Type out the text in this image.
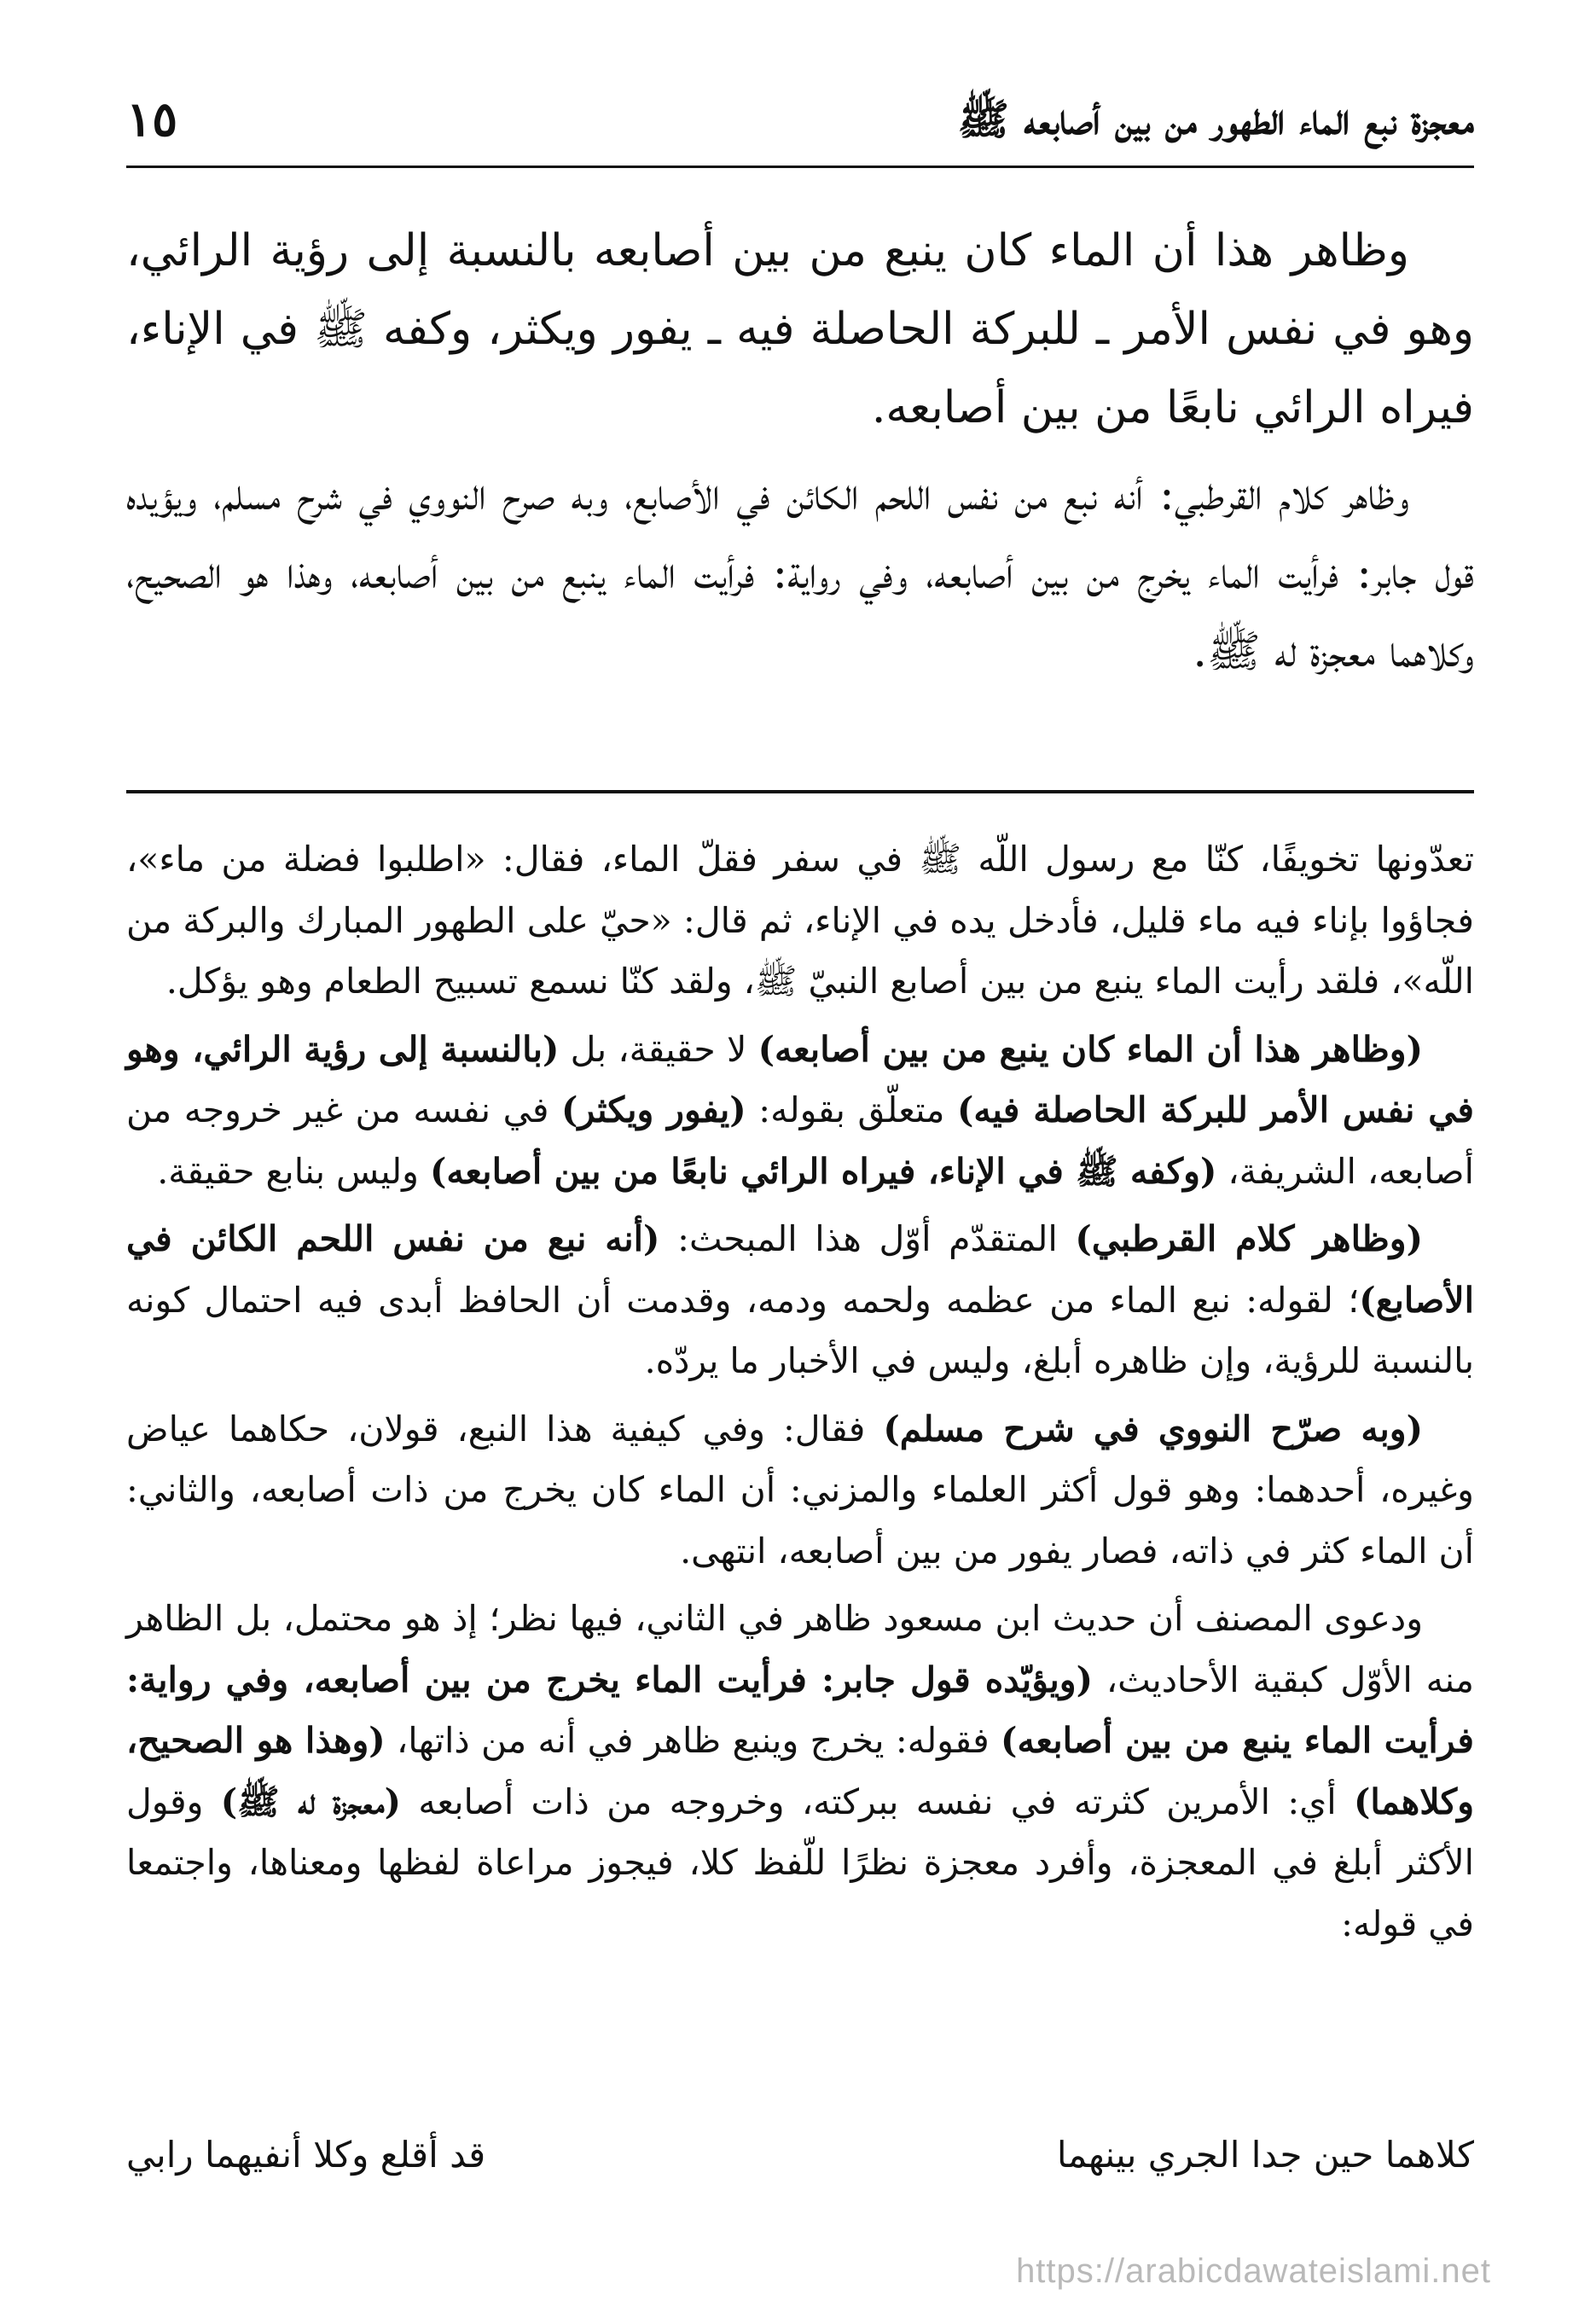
معجزة نبع الماء الطهور من بين أصابعه ﷺ
١٥

وظاهر هذا أن الماء كان ينبع من بين أصابعه بالنسبة إلى رؤية الرائي، وهو في نفس الأمر ـ للبركة الحاصلة فيه ـ يفور ويكثر، وكفه ﷺ في الإناء، فيراه الرائي نابعًا من بين أصابعه.

وظاهر كلام القرطبي: أنه نبع من نفس اللحم الكائن في الأصابع، وبه صرح النووي في شرح مسلم، ويؤيده قول جابر: فرأيت الماء يخرج من بين أصابعه، وفي رواية: فرأيت الماء ينبع من بين أصابعه، وهذا هو الصحيح، وكلاهما معجزة له ﷺ.

تعدّونها تخويفًا، كنّا مع رسول اللّه ﷺ في سفر فقلّ الماء، فقال: «اطلبوا فضلة من ماء»، فجاؤوا بإناء فيه ماء قليل، فأدخل يده في الإناء، ثم قال: «حيّ على الطهور المبارك والبركة من اللّه»، فلقد رأيت الماء ينبع من بين أصابع النبيّ ﷺ، ولقد كنّا نسمع تسبيح الطعام وهو يؤكل.

(وظاهر هذا أن الماء كان ينبع من بين أصابعه) لا حقيقة، بل (بالنسبة إلى رؤية الرائي، وهو في نفس الأمر للبركة الحاصلة فيه) متعلّق بقوله: (يفور ويكثر) في نفسه من غير خروجه من أصابعه، الشريفة، (وكفه ﷺ في الإناء، فيراه الرائي نابعًا من بين أصابعه) وليس بنابع حقيقة.

(وظاهر كلام القرطبي) المتقدّم أوّل هذا المبحث: (أنه نبع من نفس اللحم الكائن في الأصابع)؛ لقوله: نبع الماء من عظمه ولحمه ودمه، وقدمت أن الحافظ أبدى فيه احتمال كونه بالنسبة للرؤية، وإن ظاهره أبلغ، وليس في الأخبار ما يردّه.

(وبه صرّح النووي في شرح مسلم) فقال: وفي كيفية هذا النبع، قولان، حكاهما عياض وغيره، أحدهما: وهو قول أكثر العلماء والمزني: أن الماء كان يخرج من ذات أصابعه، والثاني: أن الماء كثر في ذاته، فصار يفور من بين أصابعه، انتهى.

ودعوى المصنف أن حديث ابن مسعود ظاهر في الثاني، فيها نظر؛ إذ هو محتمل، بل الظاهر منه الأوّل كبقية الأحاديث، (ويؤيّده قول جابر: فرأيت الماء يخرج من بين أصابعه، وفي رواية: فرأيت الماء ينبع من بين أصابعه) فقوله: يخرج وينبع ظاهر في أنه من ذاتها، (وهذا هو الصحيح، وكلاهما) أي: الأمرين كثرته في نفسه ببركته، وخروجه من ذات أصابعه (معجزة له ﷺ) وقول الأكثر أبلغ في المعجزة، وأفرد معجزة نظرًا للّفظ كلا، فيجوز مراعاة لفظها ومعناها، واجتمعا في قوله:

كلاهما حين جدا الجري بينهما
قد أقلع وكلا أنفيهما رابي
https://arabicdawateislami.net
